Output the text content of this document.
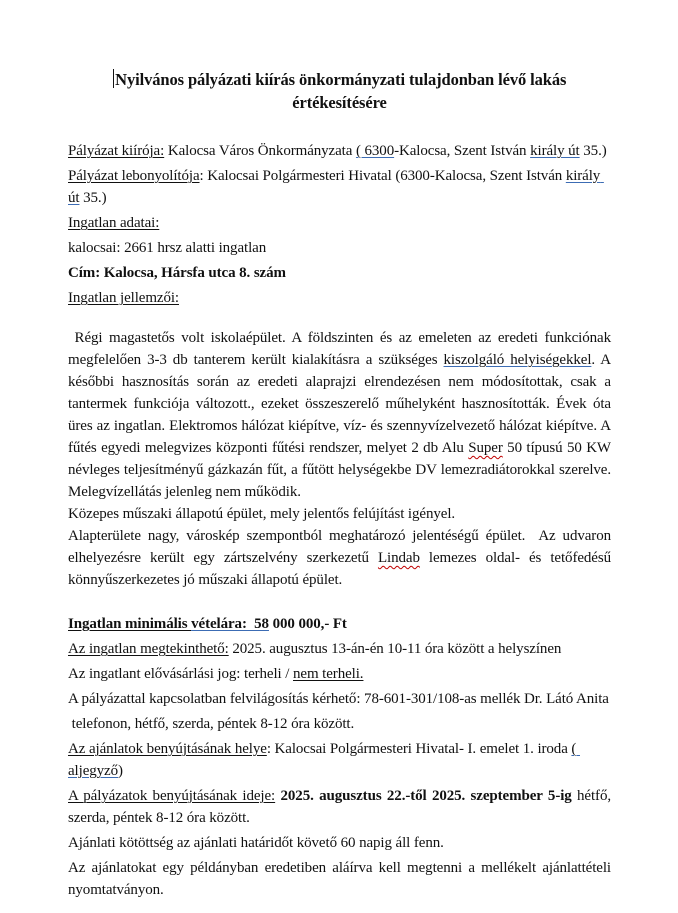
Nyilvános pályázati kiírás önkormányzati tulajdonban lévő lakás értékesítésére

Pályázat kiírója: Kalocsa Város Önkormányzata ( 6300-Kalocsa, Szent István király út 35.)

Pályázat lebonyolítója: Kalocsai Polgármesteri Hivatal (6300-Kalocsa, Szent István király út 35.)

Ingatlan adatai:

kalocsai: 2661 hrsz alatti ingatlan

Cím: Kalocsa, Hársfa utca 8. szám

Ingatlan jellemzői:

Régi magastetős volt iskolaépület. A földszinten és az emeleten az eredeti funkciónak megfelelően 3-3 db tanterem került kialakításra a szükséges kiszolgáló helyiségekkel. A későbbi hasznosítás során az eredeti alaprajzi elrendezésen nem módosítottak, csak a tantermek funkciója változott., ezeket összeszerelő műhelyként hasznosították. Évek óta üres az ingatlan. Elektromos hálózat kiépítve, víz- és szennyvízelvezető hálózat kiépítve. A fűtés egyedi melegvizes központi fűtési rendszer, melyet 2 db Alu Super 50 típusú 50 KW névleges teljesítményű gázkazán fűt, a fűtött helységekbe DV lemezradiátorokkal szerelve. Melegvízellátás jelenleg nem működik.

Közepes műszaki állapotú épület, mely jelentős felújítást igényel.

Alapterülete nagy, városkép szempontból meghatározó jelentéségű épület.  Az udvaron elhelyezésre került egy zártszelvény szerkezetű Lindab lemezes oldal- és tetőfedésű könnyűszerkezetes jó műszaki állapotú épület.

Ingatlan minimális vételára:  58 000 000,- Ft

Az ingatlan megtekinthető: 2025. augusztus 13-án-én 10-11 óra között a helyszínen

Az ingatlant elővásárlási jog: terheli / nem terheli.

A pályázattal kapcsolatban felvilágosítás kérhető: 78-601-301/108-as mellék Dr. Látó Anita

telefonon, hétfő, szerda, péntek 8-12 óra között.

Az ajánlatok benyújtásának helye: Kalocsai Polgármesteri Hivatal- I. emelet 1. iroda ( aljegyző)

A pályázatok benyújtásának ideje: 2025. augusztus 22.-től 2025. szeptember 5-ig hétfő, szerda, péntek 8-12 óra között.

Ajánlati kötöttség az ajánlati határidőt követő 60 napig áll fenn.

Az ajánlatokat egy példányban eredetiben aláírva kell megtenni a mellékelt ajánlattételi nyomtatványon.
